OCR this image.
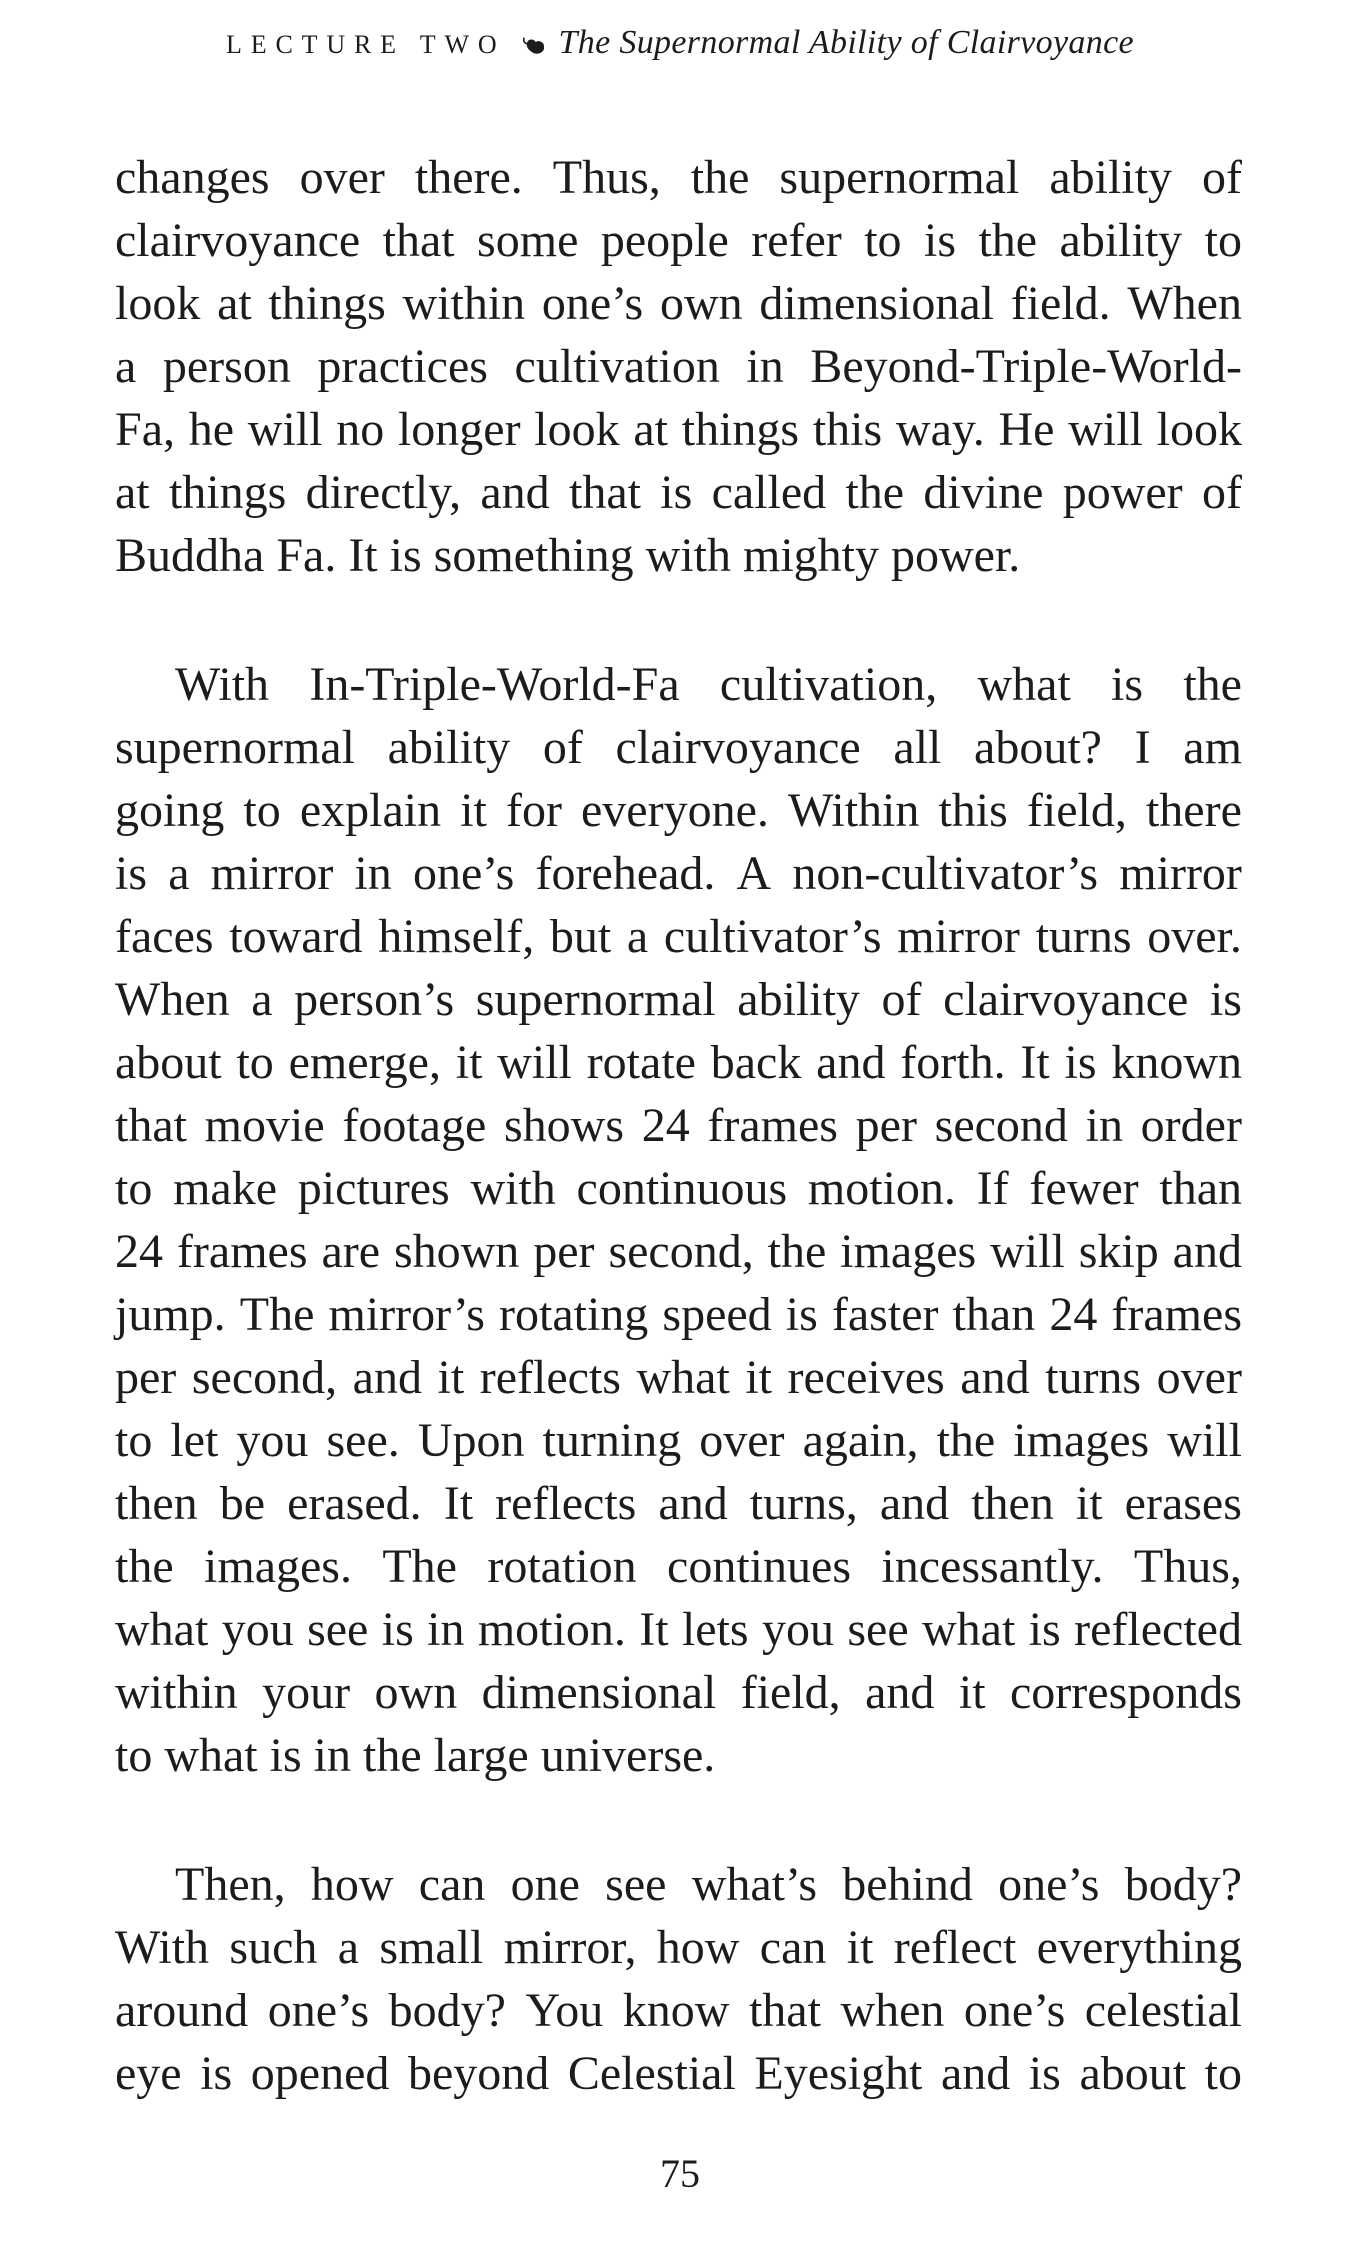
LECTURE TWO The Supernormal Ability of Clairvoyance
changes over there. Thus, the supernormal ability of
clairvoyance that some people refer to is the ability to
look at things within one’s own dimensional field. When
a person practices cultivation in Beyond-Triple-World-
Fa, he will no longer look at things this way. He will look
at things directly, and that is called the divine power of
Buddha Fa. It is something with mighty power.
With In-Triple-World-Fa cultivation, what is the
supernormal ability of clairvoyance all about? I am
going to explain it for everyone. Within this field, there
is a mirror in one’s forehead. A non-cultivator’s mirror
faces toward himself, but a cultivator’s mirror turns over.
When a person’s supernormal ability of clairvoyance is
about to emerge, it will rotate back and forth. It is known
that movie footage shows 24 frames per second in order
to make pictures with continuous motion. If fewer than
24 frames are shown per second, the images will skip and
jump. The mirror’s rotating speed is faster than 24 frames
per second, and it reflects what it receives and turns over
to let you see. Upon turning over again, the images will
then be erased. It reflects and turns, and then it erases
the images. The rotation continues incessantly. Thus,
what you see is in motion. It lets you see what is reflected
within your own dimensional field, and it corresponds
to what is in the large universe.
Then, how can one see what’s behind one’s body?
With such a small mirror, how can it reflect everything
around one’s body? You know that when one’s celestial
eye is opened beyond Celestial Eyesight and is about to
75
